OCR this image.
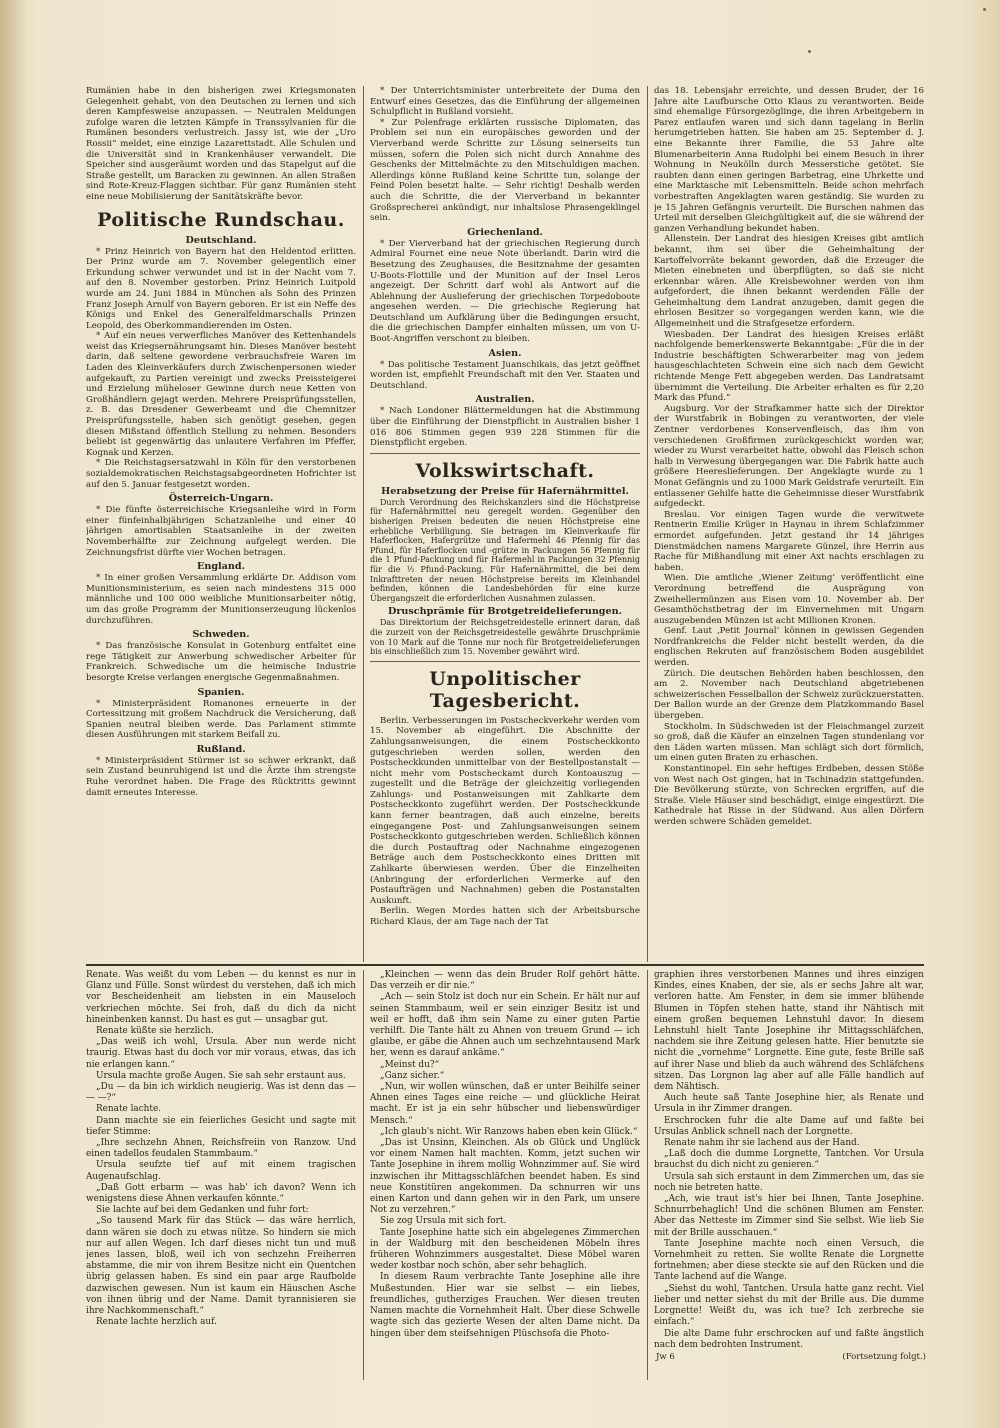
Rumänien habe in den bisherigen zwei Kriegsmonaten Gelegenheit gehabt, von den Deutschen zu lernen und sich deren Kampfesweise anzupassen. — Neutralen Meldungen zufolge waren die letzten Kämpfe in Transsylvanien für die Rumänen besonders verlustreich. Jassy ist, wie der „Uro Rossii“ meldet, eine einzige Lazarettstadt. Alle Schulen und die Universität sind in Krankenhäuser verwandelt. Die Speicher sind ausgeräumt worden und das Stapelgut auf die Straße gestellt, um Baracken zu gewinnen. An allen Straßen sind Rote-Kreuz-Flaggen sichtbar. Für ganz Rumänien steht eine neue Mobilisierung der Sanitätskräfte bevor.

Politische Rundschau.
Deutschland.

* Prinz Heinrich von Bayern hat den Heldentod erlitten. Der Prinz wurde am 7. November gelegentlich einer Erkundung schwer verwundet und ist in der Nacht vom 7. auf den 8. November gestorben. Prinz Heinrich Luitpold wurde am 24. Juni 1884 in München als Sohn des Prinzen Franz Joseph Arnulf von Bayern geboren. Er ist ein Neffe des Königs und Enkel des Generalfeldmarschalls Prinzen Leopold, des Oberkommandierenden im Osten.

* Auf ein neues verwerfliches Manöver des Kettenhandels weist das Kriegsernährungsamt hin. Dieses Manöver besteht darin, daß seltene gewordene verbrauchsfreie Waren im Laden des Kleinverkäufers durch Zwischenpersonen wieder aufgekauft, zu Partien vereinigt und zwecks Preissteigerei und Erzielung müheloser Gewinne durch neue Ketten von Großhändlern gejagt werden. Mehrere Preisprüfungsstellen, z. B. das Dresdener Gewerbeamt und die Chemnitzer Preisprüfungsstelle, haben sich genötigt gesehen, gegen diesen Mißstand öffentlich Stellung zu nehmen. Besonders beliebt ist gegenwärtig das unlautere Verfahren im Pfeffer, Kognak und Kerzen.

* Die Reichstagsersatzwahl in Köln für den verstorbenen sozialdemokratischen Reichstagsabgeordneten Hofrichter ist auf den 5. Januar festgesetzt worden.

Österreich-Ungarn.

* Die fünfte österreichische Kriegsanleihe wird in Form einer fünfeinhalbjährigen Schatzanleihe und einer 40 jährigen amortisablen Staatsanleihe in der zweiten Novemberhälfte zur Zeichnung aufgelegt werden. Die Zeichnungsfrist dürfte vier Wochen betragen.

England.

* In einer großen Versammlung erklärte Dr. Addison vom Munitionsministerium, es seien nach mindestens 315 000 männliche und 100 000 weibliche Munitionsarbeiter nötig, um das große Programm der Munitionserzeugung lückenlos durchzuführen.

Schweden.

* Das französische Konsulat in Gotenburg entfaltet eine rege Tätigkeit zur Anwerbung schwedischer Arbeiter für Frankreich. Schwedische um die heimische Industrie besorgte Kreise verlangen energische Gegenmaßnahmen.

Spanien.

* Ministerpräsident Romanones erneuerte in der Cortessitzung mit großem Nachdruck die Versicherung, daß Spanien neutral bleiben werde. Das Parlament stimmte diesen Ausführungen mit starkem Beifall zu.

Rußland.

* Ministerpräsident Stürmer ist so schwer erkrankt, daß sein Zustand beunruhigend ist und die Ärzte ihm strengste Ruhe verordnet haben. Die Frage des Rücktritts gewinnt damit erneutes Interesse.

* Der Unterrichtsminister unterbreitete der Duma den Entwurf eines Gesetzes, das die Einführung der allgemeinen Schulpflicht in Rußland vorsieht.

* Zur Polenfrage erklärten russische Diplomaten, das Problem sei nun ein europäisches geworden und der Vierverband werde Schritte zur Lösung seinerseits tun müssen, sofern die Polen sich nicht durch Annahme des Geschenks der Mittelmächte zu den Mitschuldigen machen. Allerdings könne Rußland keine Schritte tun, solange der Feind Polen besetzt halte. — Sehr richtig! Deshalb werden auch die Schritte, die der Vierverband in bekannter Großsprecherei ankündigt, nur inhaltslose Phrasengeklingel sein.

Griechenland.

* Der Vierverband hat der griechischen Regierung durch Admiral Fournet eine neue Note überlandt. Darin wird die Besetzung des Zeughauses, die Besitznahme der gesamten U-Boots-Flottille und der Munition auf der Insel Leros angezeigt. Der Schritt darf wohl als Antwort auf die Ablehnung der Auslieferung der griechischen Torpedoboote angesehen werden. — Die griechische Regierung hat Deutschland um Aufklärung über die Bedingungen ersucht, die die griechischen Dampfer einhalten müssen, um von U-Boot-Angriffen verschont zu bleiben.

Asien.

* Das politische Testament Juanschikais, das jetzt geöffnet worden ist, empfiehlt Freundschaft mit den Ver. Staaten und Deutschland.

Australien.

* Nach Londoner Blättermeldungen hat die Abstimmung über die Einführung der Dienstpflicht in Australien bisher 1 016 806 Stimmen gegen 939 228 Stimmen für die Dienstpflicht ergeben.

Volkswirtschaft.
Herabsetzung der Preise für Hafernährmittel.

Durch Verordnung des Reichskanzlers sind die Höchstpreise für Hafernährmittel neu geregelt worden. Gegenüber den bisherigen Preisen bedeuten die neuen Höchstpreise eine erhebliche Verbilligung. Sie betragen im Kleinverkaufe für Haferflocken, Hafergrütze und Hafermehl 46 Pfennig für das Pfund, für Haferflocken und -grütze in Packungen 56 Pfennig für die 1 Pfund-Packung und für Hafermehl in Packungen 32 Pfennig für die ½ Pfund-Packung. Für Hafernährmittel, die bei dem Inkrafttreten der neuen Höchstpreise bereits im Kleinhandel befinden, können die Landesbehörden für eine kurze Übergangszeit die erforderlichen Ausnahmen zulassen.

Druschprämie für Brotgetreidelieferungen.

Das Direktorium der Reichsgetreidestelle erinnert daran, daß die zurzeit von der Reichsgetreidestelle gewährte Druschprämie von 10 Mark auf die Tonne nur noch für Brotgetreidelieferungen bis einschließlich zum 15. November gewährt wird.

Unpolitischer Tagesbericht.

Berlin. Verbesserungen im Postscheckverkehr werden vom 15. November ab eingeführt. Die Abschnitte der Zahlungsanweisungen, die einem Postscheckkonto gutgeschrieben werden sollen, werden den Postscheckkunden unmittelbar von der Bestellpostanstalt — nicht mehr vom Postscheckamt durch Kontoauszug — zugestellt und die Beträge der gleichzeitig vorliegenden Zahlungs- und Postanweisungen mit Zahlkarte dem Postscheckkonto zugeführt werden. Der Postscheckkunde kann ferner beantragen, daß auch einzelne, bereits eingegangene Post- und Zahlungsanweisungen seinem Postscheckkonto gutgeschrieben werden. Schließlich können die durch Postauftrag oder Nachnahme eingezogenen Beträge auch dem Postscheckkonto eines Dritten mit Zahlkarte überwiesen werden. Über die Einzelheiten (Anbringung der erforderlichen Vermerke auf den Postaufträgen und Nachnahmen) geben die Postanstalten Auskunft.

Berlin. Wegen Mordes hatten sich der Arbeitsbursche Richard Klaus, der am Tage nach der Tat

das 18. Lebensjahr erreichte, und dessen Bruder, der 16 Jahre alte Laufbursche Otto Klaus zu verantworten. Beide sind ehemalige Fürsorgezöglinge, die ihren Arbeitgebern in Parez entlaufen waren und sich dann tagelang in Berlin herumgetrieben hatten. Sie haben am 25. September d. J. eine Bekannte ihrer Familie, die 53 Jahre alte Blumenarbeiterin Anna Rudolphi bei einem Besuch in ihrer Wohnung in Neukölln durch Messerstiche getötet. Sie raubten dann einen geringen Barbetrag, eine Uhrkette und eine Marktasche mit Lebensmitteln. Beide schon mehrfach vorbestraften Angeklagten waren geständig. Sie wurden zu je 15 Jahren Gefängnis verurteilt. Die Burschen nahmen das Urteil mit derselben Gleichgültigkeit auf, die sie während der ganzen Verhandlung bekundet haben.

Allenstein. Der Landrat des hiesigen Kreises gibt amtlich bekannt, ihm sei über die Geheimhaltung der Kartoffelvorräte bekannt geworden, daß die Erzeuger die Mieten einebneten und überpflügten, so daß sie nicht erkennbar wären. Alle Kreisbewohner werden von ihm aufgefordert, die ihnen bekannt werdenden Fälle der Geheimhaltung dem Landrat anzugeben, damit gegen die ehrlosen Besitzer so vorgegangen werden kann, wie die Allgemeinheit und die Strafgesetze erfordern.

Wiesbaden. Der Landrat des hiesigen Kreises erläßt nachfolgende bemerkenswerte Bekanntgabe: „Für die in der Industrie beschäftigten Schwerarbeiter mag von jedem hausgeschlachteten Schwein eine sich nach dem Gewicht richtende Menge Fett abgegeben werden. Das Landratsamt übernimmt die Verteilung. Die Arbeiter erhalten es für 2,20 Mark das Pfund.“

Augsburg. Vor der Strafkammer hatte sich der Direktor der Wurstfabrik in Bobingen zu verantworten, der viele Zentner verdorbenes Konservenfleisch, das ihm von verschiedenen Großfirmen zurückgeschickt worden war, wieder zu Wurst verarbeitet hatte, obwohl das Fleisch schon halb in Verwesung übergegangen war. Die Fabrik hatte auch größere Heereslieferungen. Der Angeklagte wurde zu 1 Monat Gefängnis und zu 1000 Mark Geldstrafe verurteilt. Ein entlassener Gehilfe hatte die Geheimnisse dieser Wurstfabrik aufgedeckt.

Breslau. Vor einigen Tagen wurde die verwitwete Rentnerin Emilie Krüger in Haynau in ihrem Schlafzimmer ermordet aufgefunden. Jetzt gestand ihr 14 jähriges Dienstmädchen namens Margarete Günzel, ihre Herrin aus Rache für Mißhandlung mit einer Axt nachts erschlagen zu haben.

Wien. Die amtliche ‚Wiener Zeitung‘ veröffentlicht eine Verordnung betreffend die Ausprägung von Zweihellermünzen aus Eisen vom 10. November ab. Der Gesamthöchstbetrag der im Einvernehmen mit Ungarn auszugebenden Münzen ist acht Millionen Kronen.

Genf. Laut ‚Petit Journal‘ können in gewissen Gegenden Nordfrankreichs die Felder nicht bestellt werden, da die englischen Rekruten auf französischem Boden ausgebildet werden.

Zürich. Die deutschen Behörden haben beschlossen, den am 2. November nach Deutschland abgetriebenen schweizerischen Fesselballon der Schweiz zurückzuerstatten. Der Ballon wurde an der Grenze dem Platzkommando Basel übergeben.

Stockholm. In Südschweden ist der Fleischmangel zurzeit so groß, daß die Käufer an einzelnen Tagen stundenlang vor den Läden warten müssen. Man schlägt sich dort förmlich, um einen guten Braten zu erhaschen.

Konstantinopel. Ein sehr heftiges Erdbeben, dessen Stöße von West nach Ost gingen, hat in Tschinadzin stattgefunden. Die Bevölkerung stürzte, von Schrecken ergriffen, auf die Straße. Viele Häuser sind beschädigt, einige eingestürzt. Die Kathedrale hat Risse in der Südwand. Aus allen Dörfern werden schwere Schäden gemeldet.

Renate. Was weißt du vom Leben — du kennst es nur in Glanz und Fülle. Sonst würdest du verstehen, daß ich mich vor Bescheidenheit am liebsten in ein Mauseloch verkriechen möchte. Sei froh, daß du dich da nicht hineinbenken kannst. Du hast es gut — unsagbar gut.

Renate küßte sie herzlich.

„Das weiß ich wohl, Ursula. Aber nun werde nicht traurig. Etwas hast du doch vor mir voraus, etwas, das ich nie erlangen kann.“

Ursula machte große Augen. Sie sah sehr erstaunt aus.

„Du — da bin ich wirklich neugierig. Was ist denn das — — —?“

Renate lachte.

Dann machte sie ein feierliches Gesicht und sagte mit tiefer Stimme:

„Ihre sechzehn Ahnen, Reichsfreiin von Ranzow. Und einen tadellos feudalen Stammbaum.“

Ursula seufzte tief auf mit einem tragischen Augenaufschlag.

„Daß Gott erbarm — was hab' ich davon? Wenn ich wenigstens diese Ahnen verkaufen könnte.“

Sie lachte auf bei dem Gedanken und fuhr fort:

„So tausend Mark für das Stück — das wäre herrlich, dann wären sie doch zu etwas nütze. So hindern sie mich nur auf allen Wegen. Ich darf dieses nicht tun und muß jenes lassen, bloß, weil ich von sechzehn Freiherren abstamme, die mir von ihrem Besitze nicht ein Quentchen übrig gelassen haben. Es sind ein paar arge Raufbolde dazwischen gewesen. Nun ist kaum ein Häuschen Asche von ihnen übrig und der Name. Damit tyrannisieren sie ihre Nachkommenschaft.“

Renate lachte herzlich auf.

„Kleinchen — wenn das dein Bruder Rolf gehört hätte. Das verzeih er dir nie.“

„Ach — sein Stolz ist doch nur ein Schein. Er hält nur auf seinen Stammbaum, weil er sein einziger Besitz ist und weil er hofft, daß ihm sein Name zu einer guten Partie verhilft. Die Tante hält zu Ahnen von treuem Grund — ich glaube, er gäbe die Ahnen auch um sechzehntausend Mark her, wenn es darauf ankäme.“

„Meinst du?“

„Ganz sicher.“

„Nun, wir wollen wünschen, daß er unter Beihilfe seiner Ahnen eines Tages eine reiche — und glückliche Heirat macht. Er ist ja ein sehr hübscher und liebenswürdiger Mensch.“

„Ich glaub's nicht. Wir Ranzows haben eben kein Glück.“

„Das ist Unsinn, Kleinchen. Als ob Glück und Unglück vor einem Namen halt machten. Komm, jetzt suchen wir Tante Josephine in ihrem mollig Wohnzimmer auf. Sie wird inzwischen ihr Mittagsschläfchen beendet haben. Es sind neue Konstitüren angekommen. Da schnurren wir uns einen Karton und dann gehen wir in den Park, um unsere Not zu verzehren.“

Sie zog Ursula mit sich fort.

Tante Josephine hatte sich ein abgelegenes Zimmerchen in der Waldburg mit den bescheidenen Möbeln ihres früheren Wohnzimmers ausgestaltet. Diese Möbel waren weder kostbar noch schön, aber sehr behaglich.

In diesem Raum verbrachte Tante Josephine alle ihre Mußestunden. Hier war sie selbst — ein liebes, freundliches, gutherziges Frauchen. Wer diesen treuten Namen machte die Vornehmheit Halt. Über diese Schwelle wagte sich das gezierte Wesen der alten Dame nicht. Da hingen über dem steifsehnigen Plüschsofa die Photo-

graphien ihres verstorbenen Mannes und ihres einzigen Kindes, eines Knaben, der sie, als er sechs Jahre alt war, verloren hatte. Am Fenster, in dem sie immer blühende Blumen in Töpfen stehen hatte, stand ihr Nähtisch mit einem großen bequemen Lehnstuhl davor. In diesem Lehnstuhl hielt Tante Josephine ihr Mittagsschläfchen, nachdem sie ihre Zeitung gelesen hatte. Hier benutzte sie nicht die „vornehme“ Lorgnette. Eine gute, feste Brille saß auf ihrer Nase und blieb da auch während des Schläfchens sitzen. Das Lorgnon lag aber auf alle Fälle handlich auf dem Nähtisch.

Auch heute saß Tante Josephine hier, als Renate und Ursula in ihr Zimmer drangen.

Erschrocken fuhr die alte Dame auf und faßte bei Ursulas Anblick schnell nach der Lorgnette.

Renate nahm ihr sie lachend aus der Hand.

„Laß doch die dumme Lorgnette, Tantchen. Vor Ursula brauchst du dich nicht zu genieren.“

Ursula sah sich erstaunt in dem Zimmerchen um, das sie noch nie betreten hatte.

„Ach, wie traut ist's hier bei Ihnen, Tante Josephine. Schnurrbehaglich! Und die schönen Blumen am Fenster. Aber das Netteste im Zimmer sind Sie selbst. Wie lieb Sie mit der Brille ausschauen.“

Tante Josephine machte noch einen Versuch, die Vornehmheit zu retten. Sie wollte Renate die Lorgnette fortnehmen; aber diese steckte sie auf den Rücken und die Tante lachend auf die Wange.

„Siehst du wohl, Tantchen. Ursula hatte ganz recht. Viel lieber und netter siehst du mit der Brille aus. Die dumme Lorgnette! Weißt du, was ich tue? Ich zerbreche sie einfach.“

Die alte Dame fuhr erschrocken auf und faßte ängstlich nach dem bedrohten Instrument.

Jw 6	(Fortsetzung folgt.)
